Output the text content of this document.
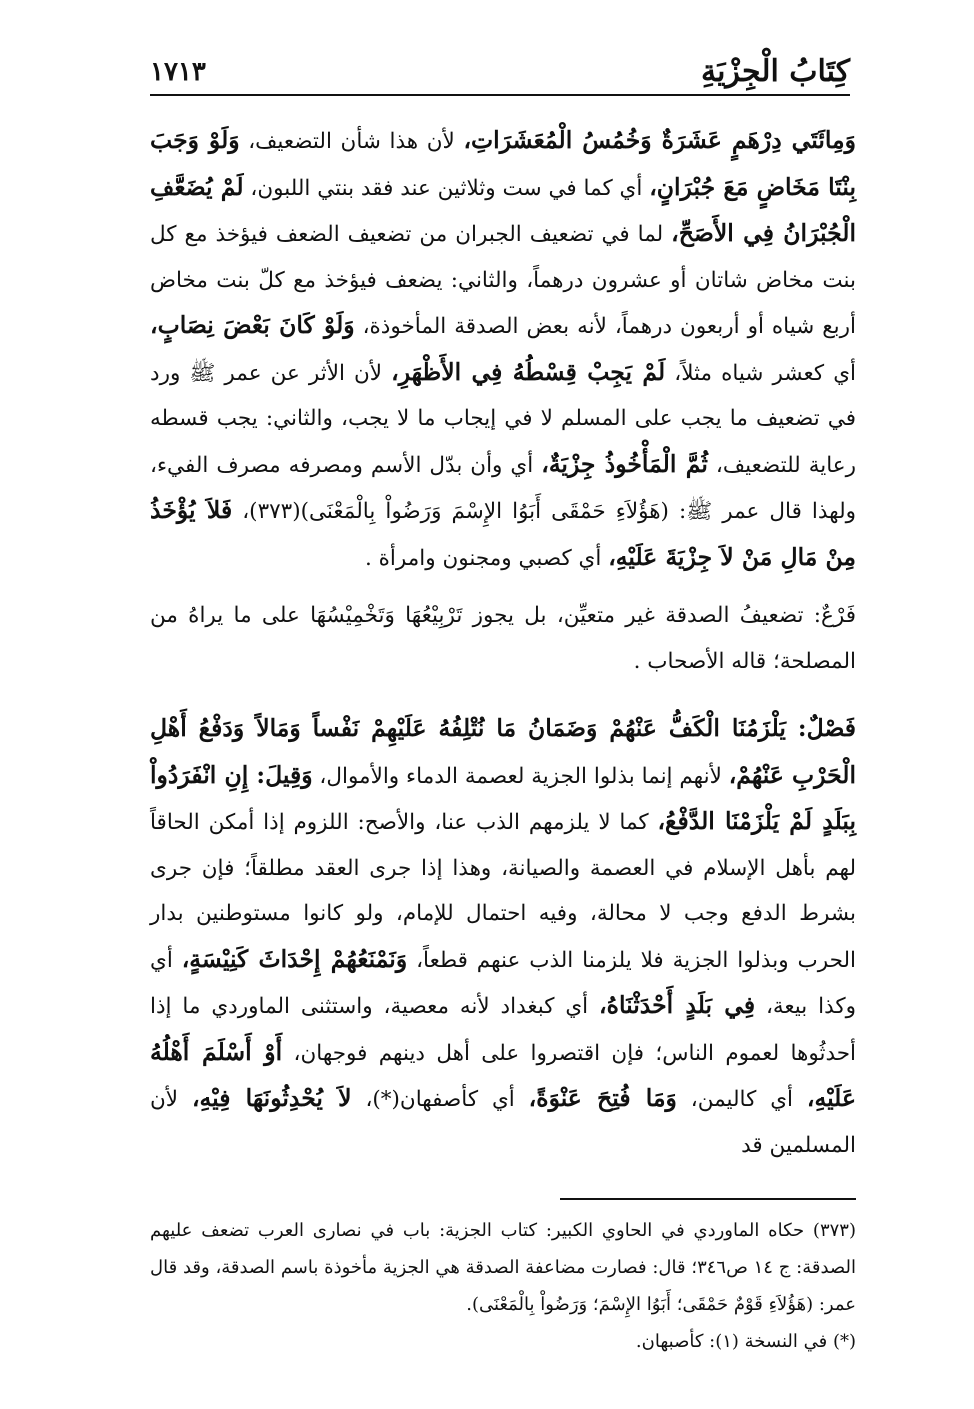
كِتَابُ الْجِزْيَةِ
١٧١٣

وَمِائَتَي دِرْهَمٍ عَشَرَةٌ وَخُمُسُ الْمُعَشَرَاتِ، لأن هذا شأن التضعيف، وَلَوْ وَجَبَ بِنْتَا مَخَاضٍ مَعَ جُبْرَانٍ، أي كما في ست وثلاثين عند فقد بنتي اللبون، لَمْ يُضَعَّفِ الْجُبْرَانُ فِي الأَصَحِّ، لما في تضعيف الجبران من تضعيف الضعف فيؤخذ مع كل بنت مخاض شاتان أو عشرون درهماً، والثاني: يضعف فيؤخذ مع كلّ بنت مخاض أربع شياه أو أربعون درهماً، لأنه بعض الصدقة المأخوذة، وَلَوْ كَانَ بَعْضَ نِصَابٍ، أي كعشر شياه مثلاً، لَمْ يَجِبْ قِسْطُهُ فِي الأَظْهَرِ، لأن الأثر عن عمر ﷺ ورد في تضعيف ما يجب على المسلم لا في إيجاب ما لا يجب، والثاني: يجب قسطه رعاية للتضعيف، ثُمَّ الْمَأْخُوذُ جِزْيَةٌ، أي وأن بدّل الأسم ومصرفه مصرف الفيء، ولهذا قال عمر ﷺ: (هَؤُلاَءِ حَمْقَى أَبَوُا الإِسْمَ وَرَضُواْ بِالْمَعْنَى)(٣٧٣)، فَلاَ يُؤْخَذُ مِنْ مَالِ مَنْ لاَ جِزْيَةَ عَلَيْهِ، أي كصبي ومجنون وامرأة .

فَرْعٌ: تضعيفُ الصدقة غير متعيِّن، بل يجوز تَرْبِيْعُهَا وَتَخْمِيْسُهَا على ما يراهُ من المصلحة؛ قاله الأصحاب .

فَصْلٌ: يَلْزَمُنَا الْكَفُّ عَنْهُمْ وَضَمَانُ مَا نُتْلِفُهُ عَلَيْهِمْ نَفْساً وَمَالاً وَدَفْعُ أَهْلِ الْحَرْبِ عَنْهُمْ، لأنهم إنما بذلوا الجزية لعصمة الدماء والأموال، وَقِيلَ: إِنِ انْفَرَدُواْ بِبَلَدٍ لَمْ يَلْزَمْنَا الدَّفْعُ، كما لا يلزمهم الذب عنا، والأصح: اللزوم إذا أمكن الحاقاً لهم بأهل الإسلام في العصمة والصيانة، وهذا إذا جرى العقد مطلقاً؛ فإن جرى بشرط الدفع وجب لا محالة، وفيه احتمال للإمام، ولو كانوا مستوطنين بدار الحرب وبذلوا الجزية فلا يلزمنا الذب عنهم قطعاً، وَنَمْنَعُهُمْ إِحْدَاثَ كَنِيْسَةٍ، أي وكذا بيعة، فِي بَلَدٍ أَحْدَثْنَاهُ، أي كبغداد لأنه معصية، واستثنى الماوردي ما إذا أحدثُوها لعموم الناس؛ فإن اقتصروا على أهل دينهم فوجهان، أَوْ أَسْلَمَ أَهْلُهُ عَلَيْهِ، أي كاليمن، وَمَا فُتِحَ عَنْوَةً، أي كأصفهان(*)، لاَ يُحْدِثُونَهَا فِيْهِ، لأن المسلمين قد

(٣٧٣) حكاه الماوردي في الحاوي الكبير: كتاب الجزية: باب في نصارى العرب تضعف عليهم الصدقة: ج ١٤ ص٣٤٦؛ قال: فصارت مضاعفة الصدقة هي الجزية مأخوذة باسم الصدقة، وقد قال عمر: (هَؤُلاَءِ قَوْمٌ حَمْقَى؛ أَبَوُا الإِسْمَ؛ وَرَضُواْ بِالْمَعْنَى).

(*) في النسخة (١): كأصبهان.
